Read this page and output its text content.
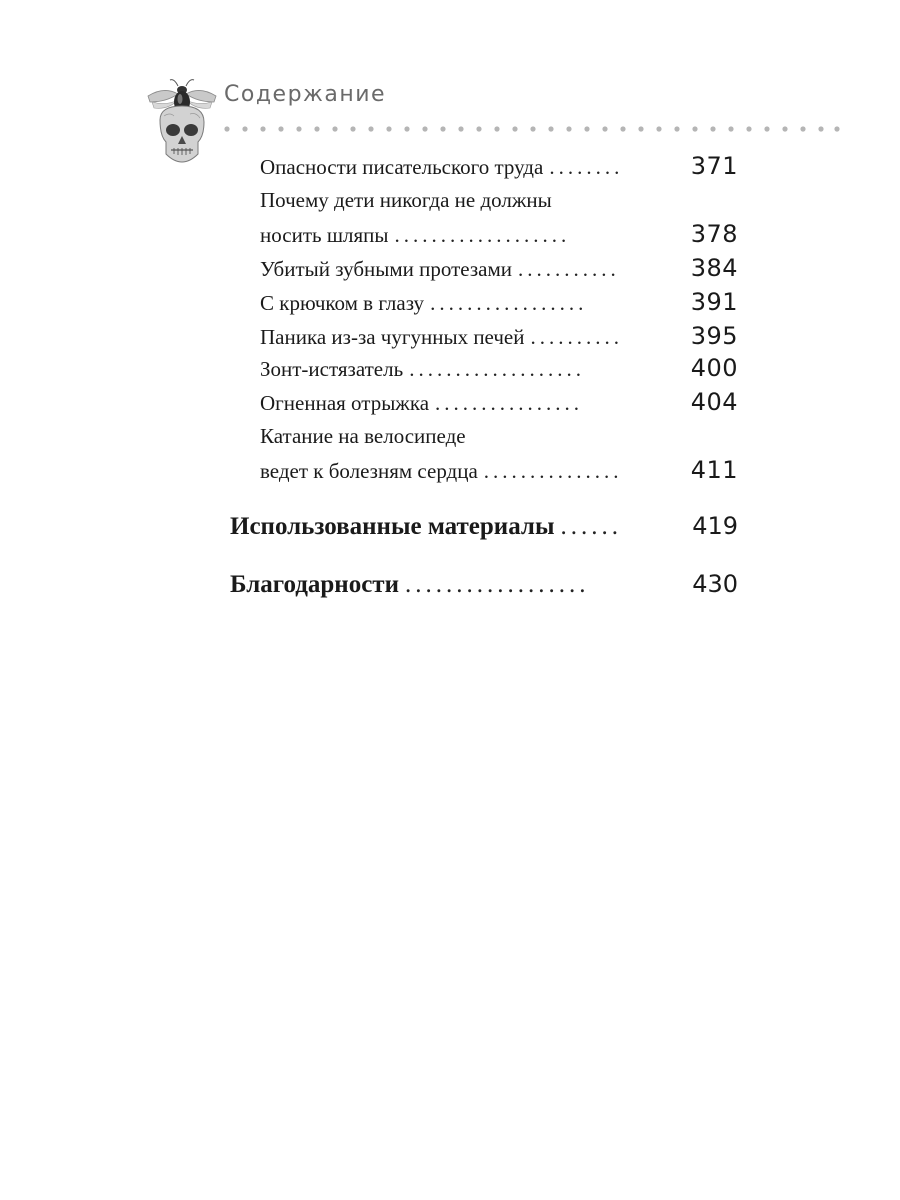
Содержание
Опасности писательского труда ........	371
Почему дети никогда не должны
носить шляпы ...................	378
Убитый зубными протезами ...........	384
С крючком в глазу .................	391
Паника из-за чугунных печей ..........	395
Зонт-истязатель ...................	400
Огненная отрыжка ................	404
Катание на велосипеде
ведет к болезням сердца ...............	411
Использованные материалы ......	419
Благодарности ..................	430
